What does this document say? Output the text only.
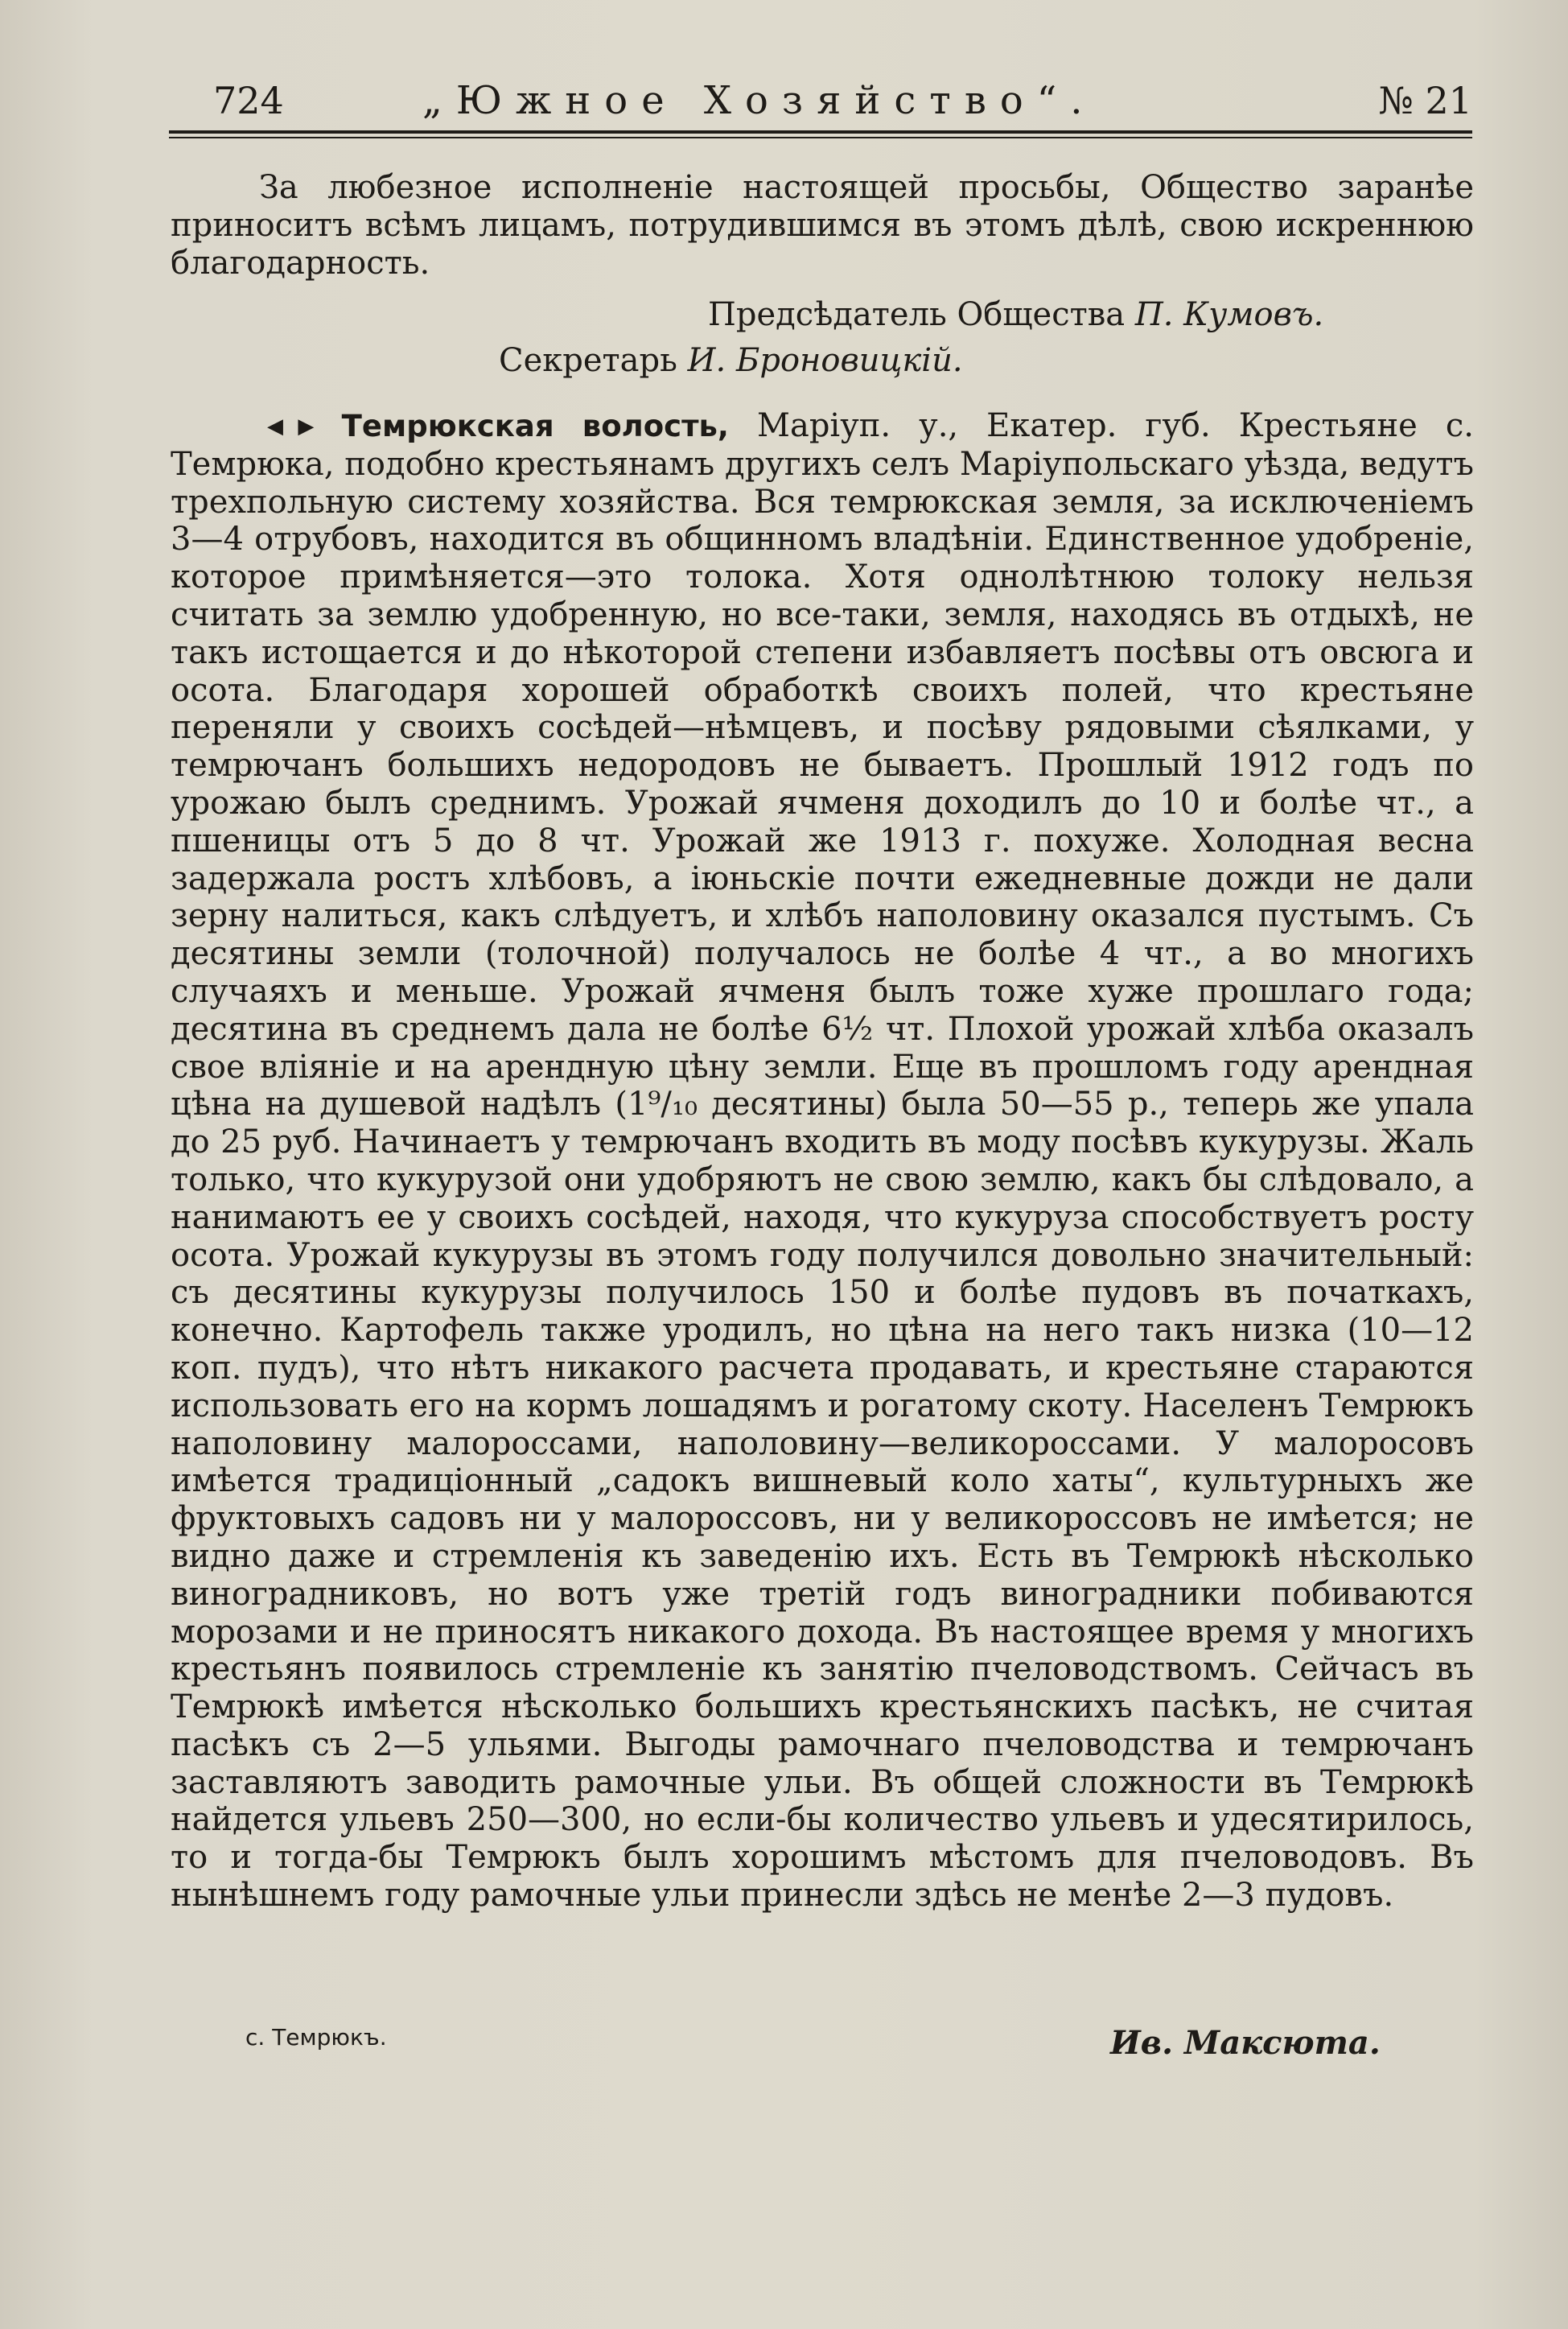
724	„Южное Хозяйство“.	№ 21

За любезное исполненіе настоящей просьбы, Общество заранѣе приноситъ всѣмъ лицамъ, потрудившимся въ этомъ дѣлѣ, свою искреннюю благодарность.

Предсѣдатель Общества П. Кумовъ.
Секретарь И. Броновицкій.

◀▶ Темрюкская волость, Маріуп. у., Екатер. губ. Крестьяне с. Темрюка, подобно крестьянамъ другихъ селъ Маріупольскаго уѣзда, ведутъ трехпольную систему хозяйства. Вся темрюкская земля, за исключеніемъ 3—4 отрубовъ, находится въ общинномъ владѣніи. Единственное удобреніе, которое примѣняется—это толока. Хотя однолѣтнюю толоку нельзя считать за землю удобренную, но все-таки, земля, находясь въ отдыхѣ, не такъ истощается и до нѣкоторой степени избавляетъ посѣвы отъ овсюга и осота. Благодаря хорошей обработкѣ своихъ полей, что крестьяне переняли у своихъ сосѣдей—нѣмцевъ, и посѣву рядовыми сѣялками, у темрючанъ большихъ недородовъ не бываетъ. Прошлый 1912 годъ по урожаю былъ среднимъ. Урожай ячменя доходилъ до 10 и болѣе чт., а пшеницы отъ 5 до 8 чт. Урожай же 1913 г. похуже. Холодная весна задержала ростъ хлѣбовъ, а іюньскіе почти ежедневные дожди не дали зерну налиться, какъ слѣдуетъ, и хлѣбъ наполовину оказался пустымъ. Съ десятины земли (толочной) получалось не болѣе 4 чт., а во многихъ случаяхъ и меньше. Урожай ячменя былъ тоже хуже прошлаго года; десятина въ среднемъ дала не болѣе 6½ чт. Плохой урожай хлѣба оказалъ свое вліяніе и на арендную цѣну земли. Еще въ прошломъ году арендная цѣна на душевой надѣлъ (1⁹/₁₀ десятины) была 50—55 р., теперь же упала до 25 руб. Начинаетъ у темрючанъ входить въ моду посѣвъ кукурузы. Жаль только, что кукурузой они удобряютъ не свою землю, какъ бы слѣдовало, а нанимаютъ ее у своихъ сосѣдей, находя, что кукуруза способствуетъ росту осота. Урожай кукурузы въ этомъ году получился довольно значительный: съ десятины кукурузы получилось 150 и болѣе пудовъ въ початкахъ, конечно. Картофель также уродилъ, но цѣна на него такъ низка (10—12 коп. пудъ), что нѣтъ никакого расчета продавать, и крестьяне стараются использовать его на кормъ лошадямъ и рогатому скоту. Населенъ Темрюкъ наполовину малороссами, наполовину—великороссами. У малоросовъ имѣется традиціонный „садокъ вишневый коло хаты“, культурныхъ же фруктовыхъ садовъ ни у малороссовъ, ни у великороссовъ не имѣется; не видно даже и стремленія къ заведенію ихъ. Есть въ Темрюкѣ нѣсколько виноградниковъ, но вотъ уже третій годъ виноградники побиваются морозами и не приносятъ никакого дохода. Въ настоящее время у многихъ крестьянъ появилось стремленіе къ занятію пчеловодствомъ. Сейчасъ въ Темрюкѣ имѣется нѣсколько большихъ крестьянскихъ пасѣкъ, не считая пасѣкъ съ 2—5 ульями. Выгоды рамочнаго пчеловодства и темрючанъ заставляютъ заводить рамочные ульи. Въ общей сложности въ Темрюкѣ найдется ульевъ 250—300, но если-бы количество ульевъ и удесятирилось, то и тогда-бы Темрюкъ былъ хорошимъ мѣстомъ для пчеловодовъ. Въ нынѣшнемъ году рамочные ульи принесли здѣсь не менѣе 2—3 пудовъ.

с. Темрюкъ.	Ив. Максюта.
